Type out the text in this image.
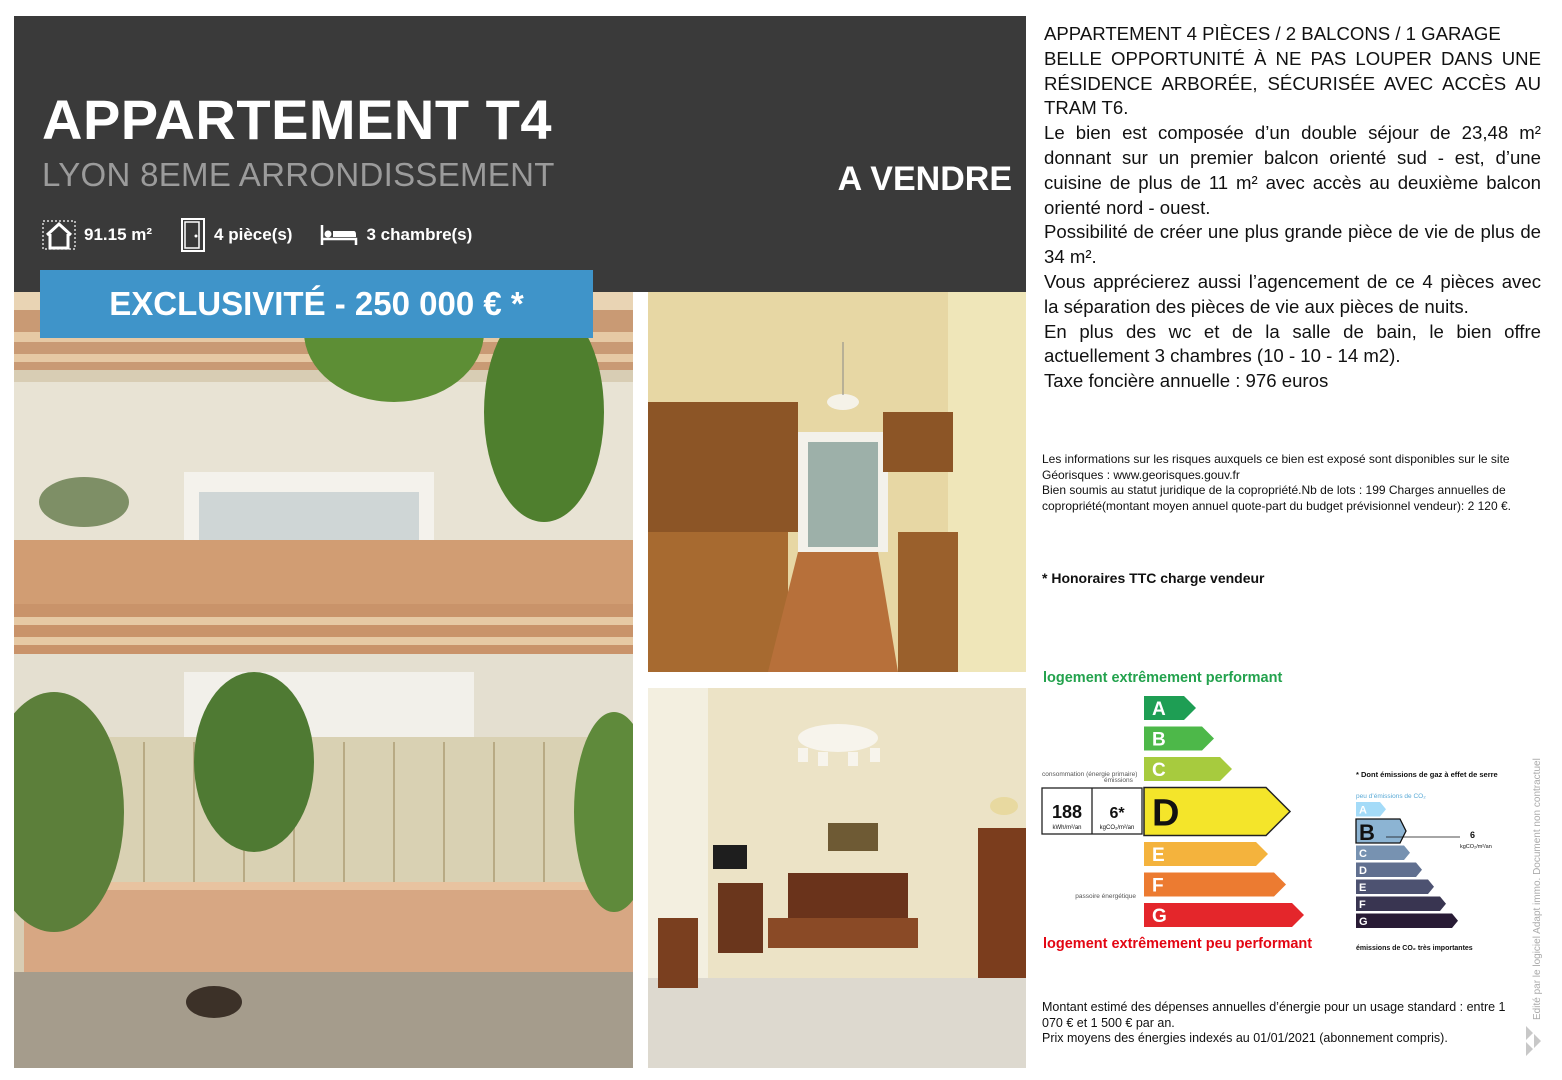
APPARTEMENT T4
LYON 8EME ARRONDISSEMENT	A VENDRE
91.15 m²	4 pièce(s)	3 chambre(s)
EXCLUSIVITÉ - 250 000 € *

APPARTEMENT 4 PIÈCES / 2 BALCONS / 1 GARAGE

BELLE OPPORTUNITÉ À NE PAS LOUPER DANS UNE RÉSIDENCE ARBORÉE, SÉCURISÉE AVEC ACCÈS AU TRAM T6.

Le bien est composée d’un double séjour de 23,48 m² donnant sur un premier balcon orienté sud - est, d’une cuisine de plus de 11 m² avec accès au deuxième balcon orienté nord - ouest.

Possibilité de créer une plus grande pièce de vie de plus de 34 m².

Vous apprécierez aussi l’agencement de ce 4 pièces avec la séparation des pièces de vie aux pièces de nuits.

En plus des wc et de la salle de bain, le bien offre actuellement 3 chambres (10 - 10 - 14 m2).

Taxe foncière annuelle : 976 euros

Les informations sur les risques auxquels ce bien est exposé sont disponibles sur le site Géorisques : www.georisques.gouv.fr

Bien soumis au statut juridique de la copropriété.Nb de lots : 199 Charges annuelles de copropriété(montant moyen annuel quote-part du budget prévisionnel vendeur): 2 120 €.

* Honoraires TTC charge vendeur
logement extrêmement performant
A
B
C
D
E
F
G
consommation (énergie primaire)
émissions
188
kWh/m²/an
6*
kgCO₂/m²/an
passoire énergétique
logement extrêmement peu performant
* Dont émissions de gaz à effet de serre
peu d’émissions de CO₂
A
B
C
D
E
F
G
6
kgCO₂/m²/an
émissions de CO₂ très importantes

Montant estimé des dépenses annuelles d’énergie pour un usage standard : entre 1 070 € et 1 500 € par an.

Prix moyens des énergies indexés au 01/01/2021 (abonnement compris).

Edité par le logiciel Adapt immo. Document non contractuel
